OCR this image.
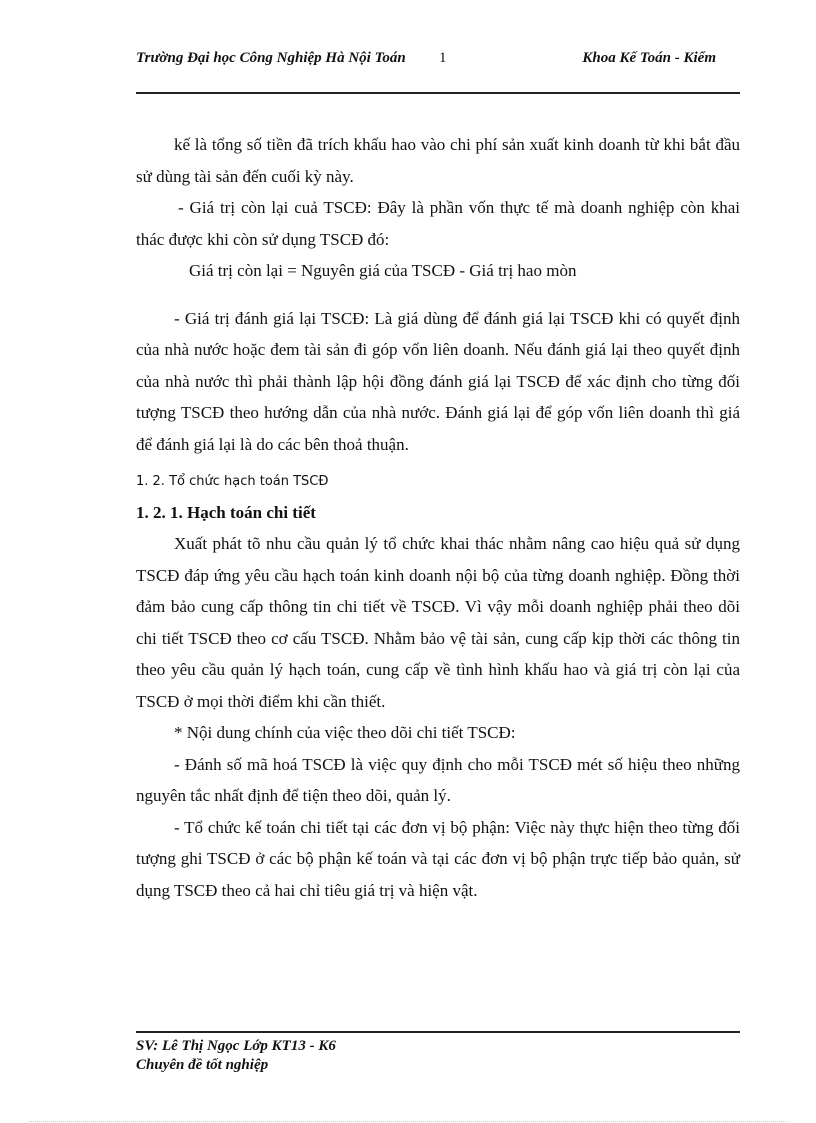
Trường Đại học Công Nghiệp Hà Nội Toán	1	Khoa Kế Toán - Kiểm

kế là tổng số tiền đã trích khấu hao vào chi phí sản xuất kinh doanh từ khi bắt đầu sử dùng tài sản đến cuối kỳ này.

- Giá trị còn lại cuả TSCĐ: Đây là phần vốn thực tế mà doanh nghiệp còn khai thác được khi còn sử dụng TSCĐ đó:

Giá trị còn lại = Nguyên giá của TSCĐ - Giá trị hao mòn

- Giá trị đánh giá lại TSCĐ: Là giá dùng để đánh giá lại TSCĐ khi có quyết định của nhà nước hoặc đem tài sản đi góp vốn liên doanh. Nếu đánh giá lại theo quyết định của nhà nước thì phải thành lập hội đồng đánh giá lại TSCĐ để xác định cho từng đối tượng TSCĐ theo hướng dẫn của nhà nước. Đánh giá lại để góp vốn liên doanh thì giá để đánh giá lại là do các bên thoả thuận.

1. 2. Tổ chức hạch toán TSCĐ

1. 2. 1. Hạch toán chi tiết

Xuất phát tõ nhu cầu quản lý tổ chức khai thác nhằm nâng cao hiệu quả sử dụng TSCĐ đáp ứng yêu cầu hạch toán kinh doanh nội bộ của từng doanh nghiệp. Đồng thời đảm bảo cung cấp thông tin chi tiết về TSCĐ. Vì vậy mỗi doanh nghiệp phải theo dõi chi tiết TSCĐ theo cơ cấu TSCĐ. Nhằm bảo vệ tài sản, cung cấp kịp thời các thông tin theo yêu cầu quản lý hạch toán, cung cấp về tình hình khấu hao và giá trị còn lại của TSCĐ ở mọi thời điểm khi cần thiết.

* Nội dung chính của việc theo dõi chi tiết TSCĐ:

- Đánh số mã hoá TSCĐ là việc quy định cho mỗi TSCĐ mét số hiệu theo những nguyên tắc nhất định để tiện theo dõi, quản lý.

- Tổ chức kế toán chi tiết tại các đơn vị bộ phận: Việc này thực hiện theo từng đối tượng ghi TSCĐ ở các bộ phận kế toán và tại các đơn vị bộ phận trực tiếp bảo quản, sử dụng TSCĐ theo cả hai chỉ tiêu giá trị và hiện vật.

SV: Lê Thị Ngọc Lớp KT13 - K6
Chuyên đề tốt nghiệp
